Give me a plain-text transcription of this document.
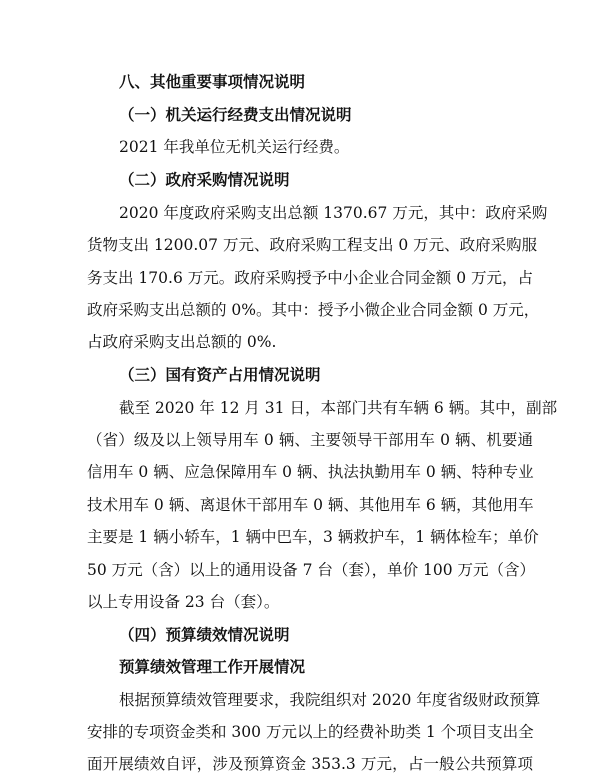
八、其他重要事项情况说明
（一）机关运行经费支出情况说明
2021 年我单位无机关运行经费。
（二）政府采购情况说明
2020 年度政府采购支出总额 1370.67 万元，其中：政府采购
货物支出 1200.07 万元、政府采购工程支出 0 万元、政府采购服
务支出 170.6 万元。政府采购授予中小企业合同金额 0 万元，占
政府采购支出总额的 0%。其中：授予小微企业合同金额 0 万元，
占政府采购支出总额的 0%.
（三）国有资产占用情况说明
截至 2020 年 12 月 31 日，本部门共有车辆 6 辆。其中，副部
（省）级及以上领导用车 0 辆、主要领导干部用车 0 辆、机要通
信用车 0 辆、应急保障用车 0 辆、执法执勤用车 0 辆、特种专业
技术用车 0 辆、离退休干部用车 0 辆、其他用车 6 辆，其他用车
主要是 1 辆小轿车，1 辆中巴车，3 辆救护车，1 辆体检车；单价
50 万元（含）以上的通用设备 7 台（套），单价 100 万元（含）
以上专用设备 23 台（套）。
（四）预算绩效情况说明
预算绩效管理工作开展情况
根据预算绩效管理要求，我院组织对 2020 年度省级财政预算
安排的专项资金类和 300 万元以上的经费补助类 1 个项目支出全
面开展绩效自评，涉及预算资金 353.3 万元，占一般公共预算项
